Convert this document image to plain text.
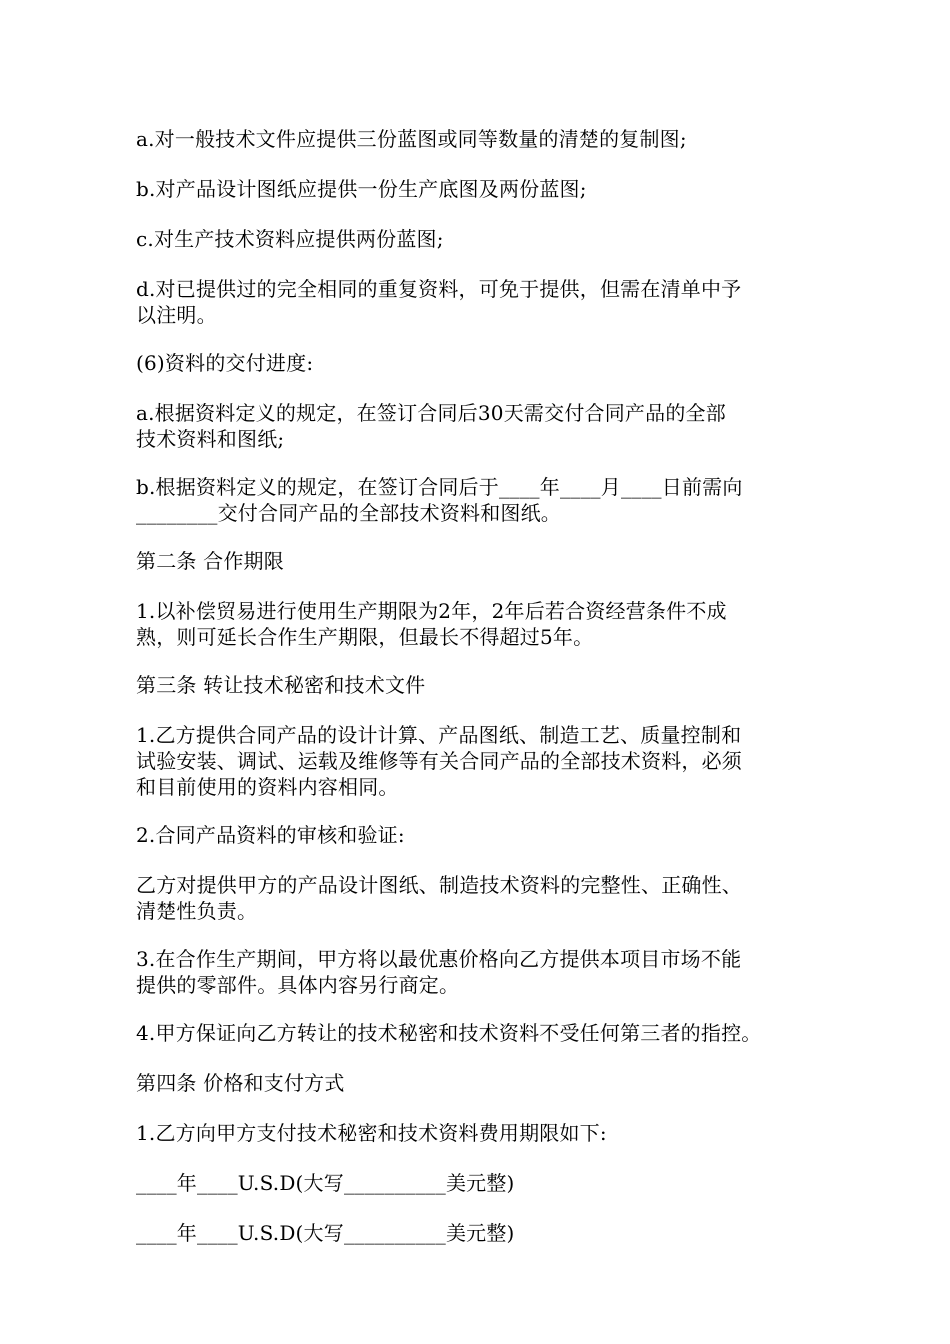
a.对一般技术文件应提供三份蓝图或同等数量的清楚的复制图;

b.对产品设计图纸应提供一份生产底图及两份蓝图;

c.对生产技术资料应提供两份蓝图;

d.对已提供过的完全相同的重复资料，可免于提供，但需在清单中予
以注明。

(6)资料的交付进度:

a.根据资料定义的规定，在签订合同后30天需交付合同产品的全部
技术资料和图纸;

b.根据资料定义的规定，在签订合同后于____年____月____日前需向
________交付合同产品的全部技术资料和图纸。

第二条 合作期限

1.以补偿贸易进行使用生产期限为2年，2年后若合资经营条件不成
熟，则可延长合作生产期限，但最长不得超过5年。

第三条 转让技术秘密和技术文件

1.乙方提供合同产品的设计计算、产品图纸、制造工艺、质量控制和
试验安装、调试、运载及维修等有关合同产品的全部技术资料，必须
和目前使用的资料内容相同。

2.合同产品资料的审核和验证:

乙方对提供甲方的产品设计图纸、制造技术资料的完整性、正确性、
清楚性负责。

3.在合作生产期间，甲方将以最优惠价格向乙方提供本项目市场不能
提供的零部件。具体内容另行商定。

4.甲方保证向乙方转让的技术秘密和技术资料不受任何第三者的指控。

第四条 价格和支付方式

1.乙方向甲方支付技术秘密和技术资料费用期限如下:

____年____U.S.D(大写__________美元整)

____年____U.S.D(大写__________美元整)
